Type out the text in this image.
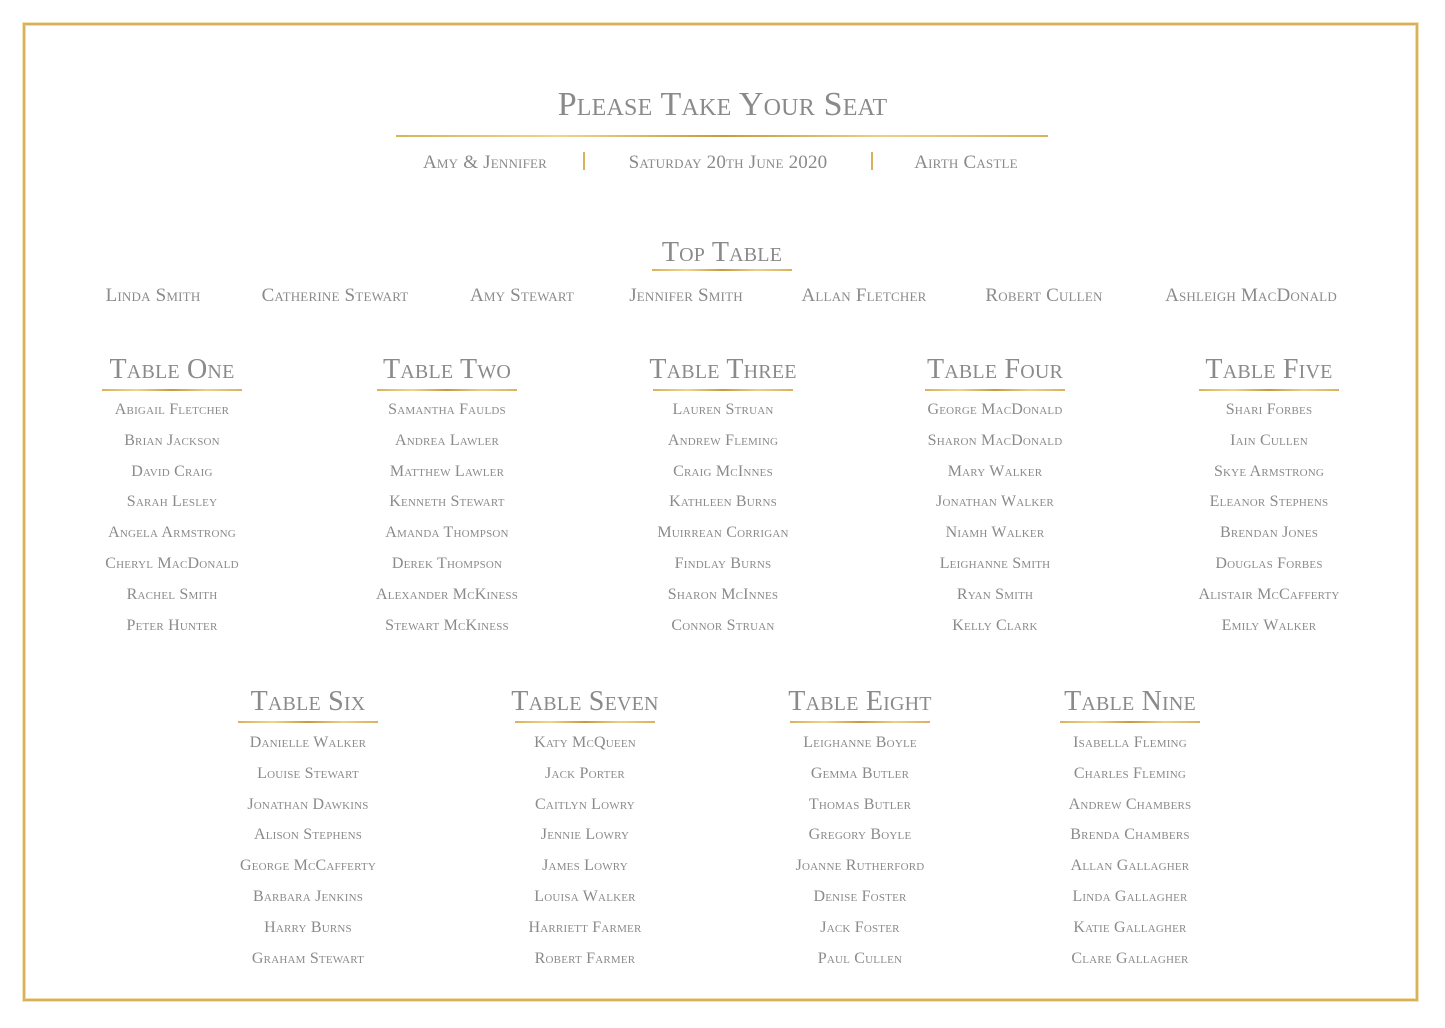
Please Take Your Seat
Amy & Jennifer	Saturday 20th June 2020	Airth Castle
Top Table
Linda Smith	Catherine Stewart	Amy Stewart	Jennifer Smith	Allan Fletcher	Robert Cullen	Ashleigh MacDonald
Table One
Abigail Fletcher
Brian Jackson
David Craig
Sarah Lesley
Angela Armstrong
Cheryl MacDonald
Rachel Smith
Peter Hunter
Table Two
Samantha Faulds
Andrea Lawler
Matthew Lawler
Kenneth Stewart
Amanda Thompson
Derek Thompson
Alexander McKiness
Stewart McKiness
Table Three
Lauren Struan
Andrew Fleming
Craig McInnes
Kathleen Burns
Muirrean Corrigan
Findlay Burns
Sharon McInnes
Connor Struan
Table Four
George MacDonald
Sharon MacDonald
Mary Walker
Jonathan Walker
Niamh Walker
Leighanne Smith
Ryan Smith
Kelly Clark
Table Five
Shari Forbes
Iain Cullen
Skye Armstrong
Eleanor Stephens
Brendan Jones
Douglas Forbes
Alistair McCafferty
Emily Walker
Table Six
Danielle Walker
Louise Stewart
Jonathan Dawkins
Alison Stephens
George McCafferty
Barbara Jenkins
Harry Burns
Graham Stewart
Table Seven
Katy McQueen
Jack Porter
Caitlyn Lowry
Jennie Lowry
James Lowry
Louisa Walker
Harriett Farmer
Robert Farmer
Table Eight
Leighanne Boyle
Gemma Butler
Thomas Butler
Gregory Boyle
Joanne Rutherford
Denise Foster
Jack Foster
Paul Cullen
Table Nine
Isabella Fleming
Charles Fleming
Andrew Chambers
Brenda Chambers
Allan Gallagher
Linda Gallagher
Katie Gallagher
Clare Gallagher
